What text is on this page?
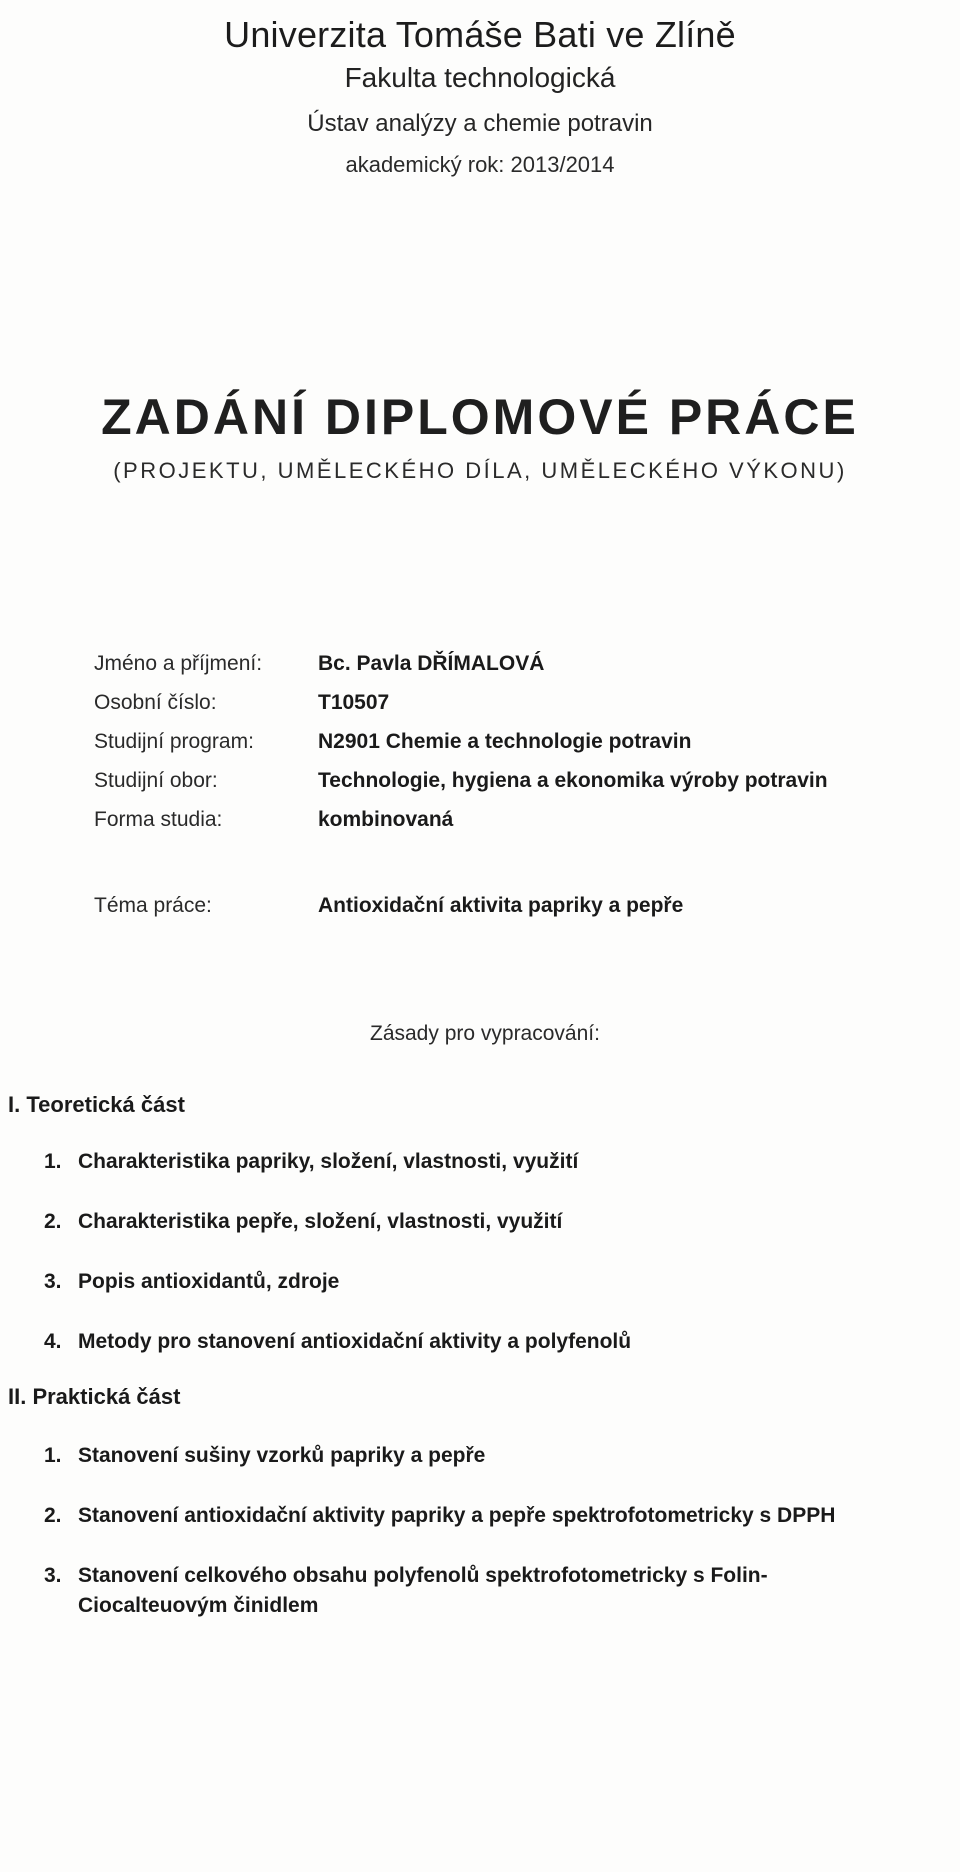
Univerzita Tomáše Bati ve Zlíně
Fakulta technologická
Ústav analýzy a chemie potravin
akademický rok: 2013/2014
ZADÁNÍ DIPLOMOVÉ PRÁCE
(PROJEKTU, UMĚLECKÉHO DÍLA, UMĚLECKÉHO VÝKONU)
Jméno a příjmení:	Bc. Pavla DŘÍMALOVÁ
Osobní číslo:	T10507
Studijní program:	N2901 Chemie a technologie potravin
Studijní obor:	Technologie, hygiena a ekonomika výroby potravin
Forma studia:	kombinovaná
Téma práce:	Antioxidační aktivita papriky a pepře
Zásady pro vypracování:
I. Teoretická část
1. Charakteristika papriky, složení, vlastnosti, využití
2. Charakteristika pepře, složení, vlastnosti, využití
3. Popis antioxidantů, zdroje
4. Metody pro stanovení antioxidační aktivity a polyfenolů
II. Praktická část
1. Stanovení sušiny vzorků papriky a pepře
2. Stanovení antioxidační aktivity papriky a pepře spektrofotometricky s DPPH
3. Stanovení celkového obsahu polyfenolů spektrofotometricky s Folin-Ciocalteuovým činidlem
